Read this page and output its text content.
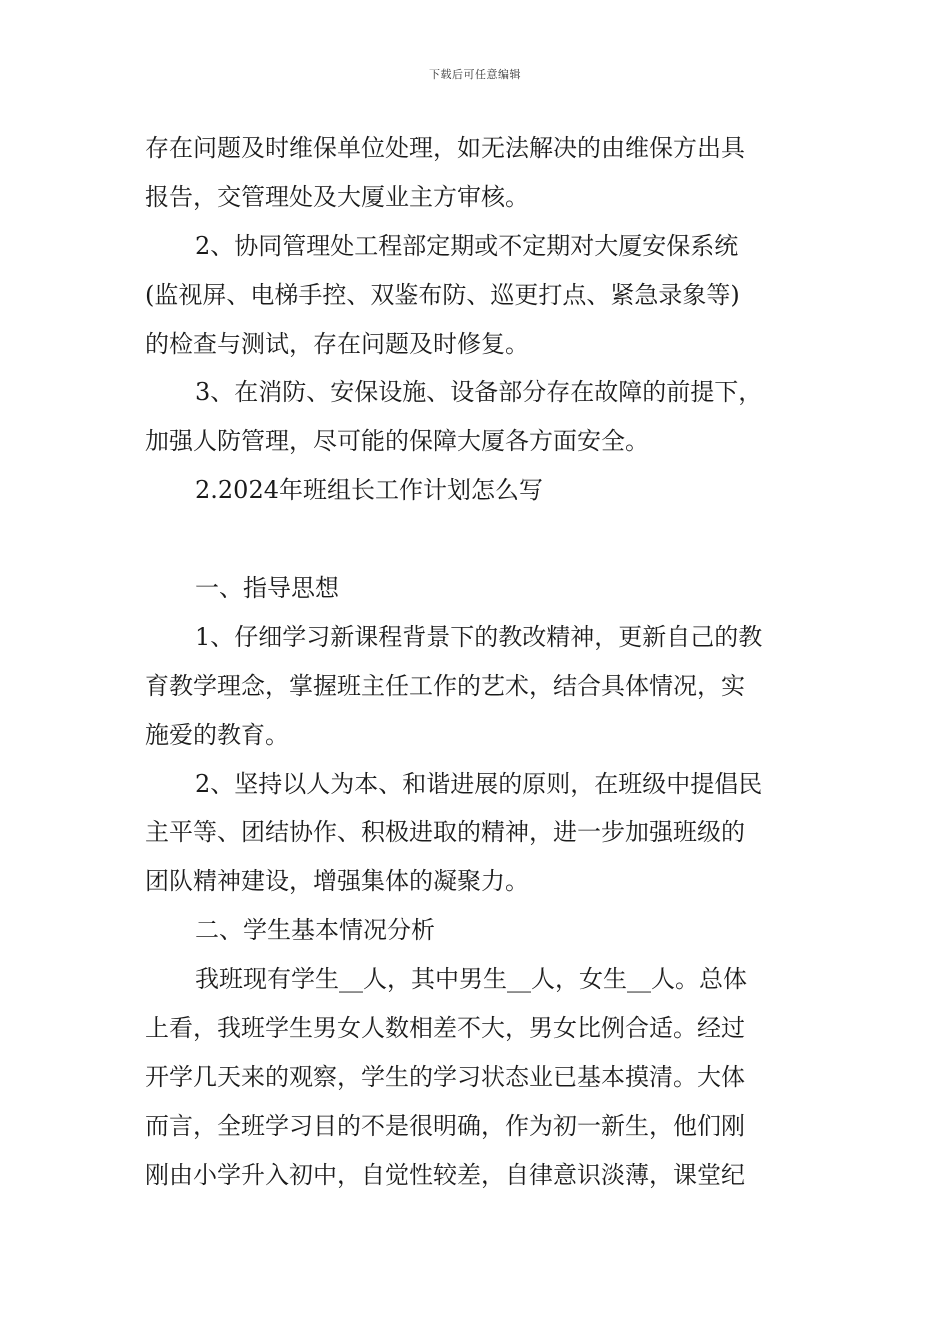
下载后可任意编辑
存在问题及时维保单位处理，如无法解决的由维保方出具
报告，交管理处及大厦业主方审核。
2、协同管理处工程部定期或不定期对大厦安保系统
(监视屏、电梯手控、双鉴布防、巡更打点、紧急录象等)
的检查与测试，存在问题及时修复。
3、在消防、安保设施、设备部分存在故障的前提下，
加强人防管理，尽可能的保障大厦各方面安全。
2.2024年班组长工作计划怎么写
一、指导思想
1、仔细学习新课程背景下的教改精神，更新自己的教
育教学理念，掌握班主任工作的艺术，结合具体情况，实
施爱的教育。
2、坚持以人为本、和谐进展的原则，在班级中提倡民
主平等、团结协作、积极进取的精神，进一步加强班级的
团队精神建设，增强集体的凝聚力。
二、学生基本情况分析
我班现有学生__人，其中男生__人，女生__人。总体
上看，我班学生男女人数相差不大，男女比例合适。经过
开学几天来的观察，学生的学习状态业已基本摸清。大体
而言，全班学习目的不是很明确，作为初一新生，他们刚
刚由小学升入初中，自觉性较差，自律意识淡薄，课堂纪
